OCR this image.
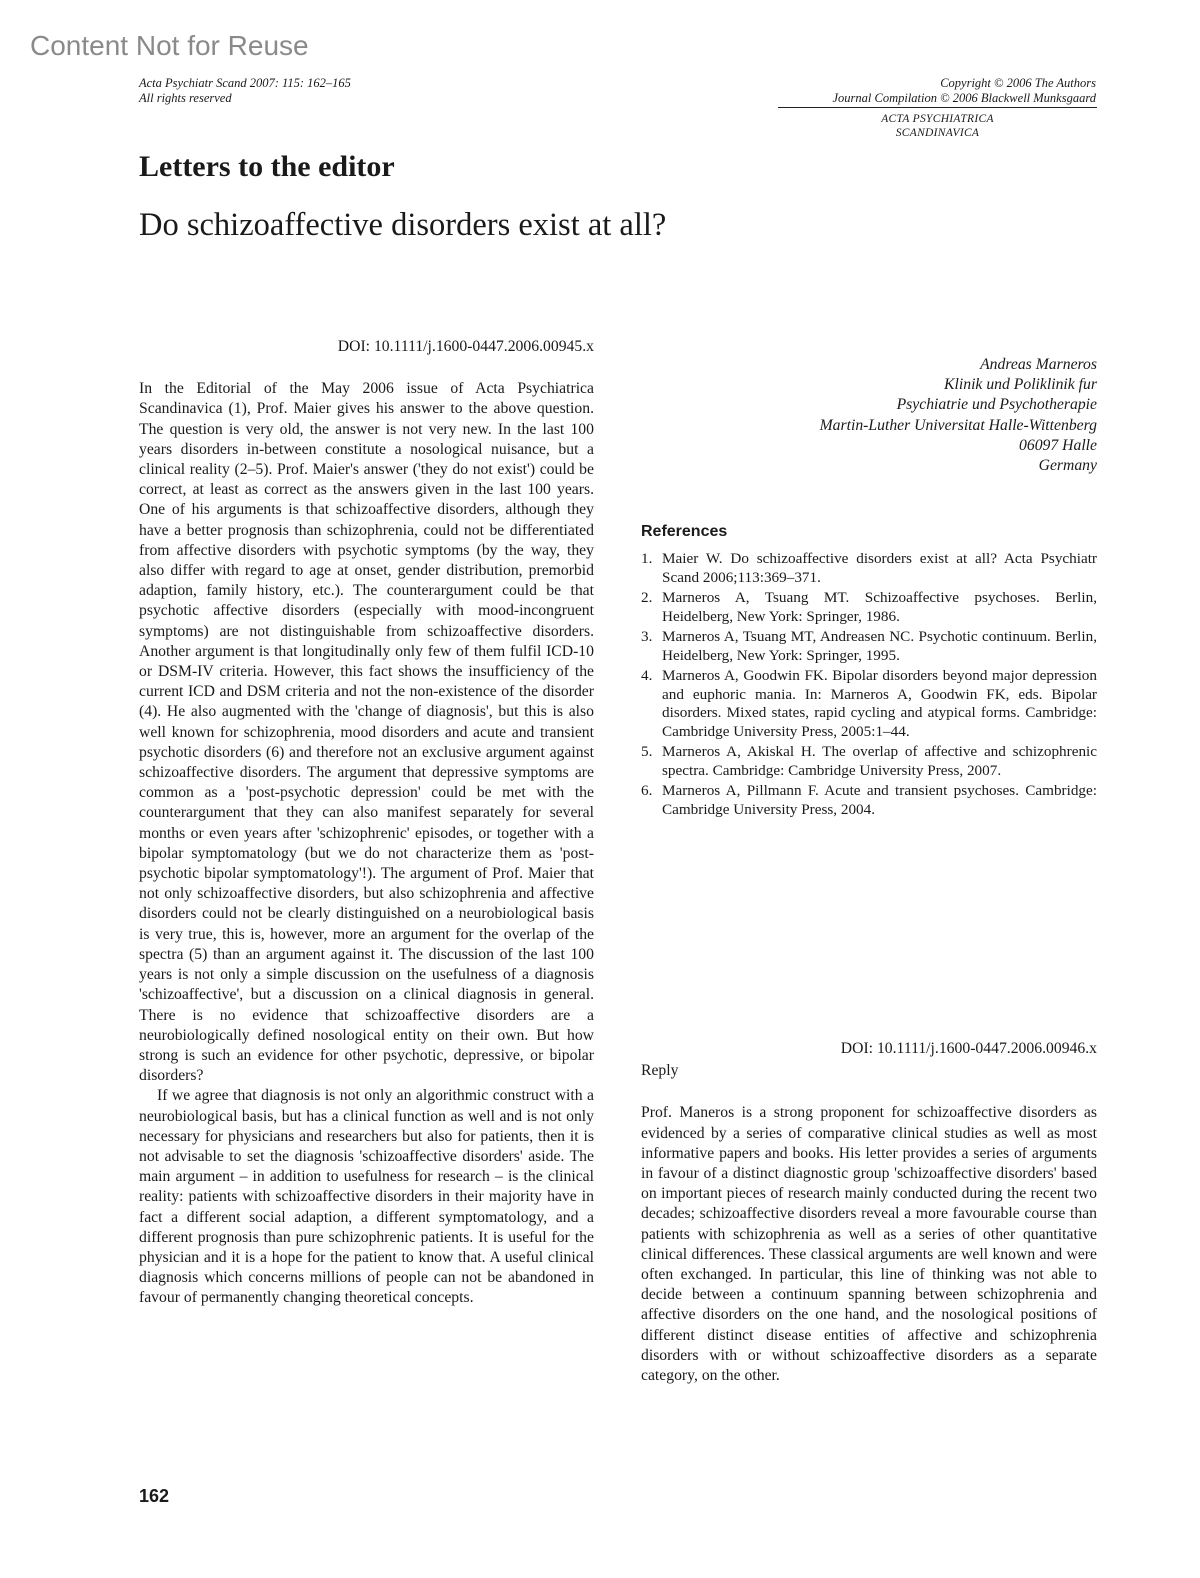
Content Not for Reuse
Acta Psychiatr Scand 2007: 115: 162–165
All rights reserved
Copyright © 2006 The Authors
Journal Compilation © 2006 Blackwell Munksgaard
ACTA PSYCHIATRICA
SCANDINAVICA
Letters to the editor
Do schizoaffective disorders exist at all?
DOI: 10.1111/j.1600-0447.2006.00945.x

In the Editorial of the May 2006 issue of Acta Psychiatrica Scandinavica (1), Prof. Maier gives his answer to the above question. The question is very old, the answer is not very new. In the last 100 years disorders in-between constitute a nosological nuisance, but a clinical reality (2–5). Prof. Maier's answer ('they do not exist') could be correct, at least as correct as the answers given in the last 100 years. One of his arguments is that schizoaffective disorders, although they have a better prognosis than schizophrenia, could not be differentiated from affective disorders with psychotic symptoms (by the way, they also differ with regard to age at onset, gender distribution, premorbid adaption, family history, etc.). The counterargument could be that psychotic affective disorders (especially with mood-incongruent symptoms) are not distinguishable from schizoaffective disorders. Another argument is that longitudinally only few of them fulfil ICD-10 or DSM-IV criteria. However, this fact shows the insufficiency of the current ICD and DSM criteria and not the non-existence of the disorder (4). He also augmented with the 'change of diagnosis', but this is also well known for schizophrenia, mood disorders and acute and transient psychotic disorders (6) and therefore not an exclusive argument against schizoaffective disorders. The argument that depressive symptoms are common as a 'post-psychotic depression' could be met with the counterargument that they can also manifest separately for several months or even years after 'schizophrenic' episodes, or together with a bipolar symptomatology (but we do not characterize them as 'post-psychotic bipolar symptomatology'!). The argument of Prof. Maier that not only schizoaffective disorders, but also schizophrenia and affective disorders could not be clearly distinguished on a neurobiological basis is very true, this is, however, more an argument for the overlap of the spectra (5) than an argument against it. The discussion of the last 100 years is not only a simple discussion on the usefulness of a diagnosis 'schizoaffective', but a discussion on a clinical diagnosis in general. There is no evidence that schizoaffective disorders are a neurobiologically defined nosological entity on their own. But how strong is such an evidence for other psychotic, depressive, or bipolar disorders?

If we agree that diagnosis is not only an algorithmic construct with a neurobiological basis, but has a clinical function as well and is not only necessary for physicians and researchers but also for patients, then it is not advisable to set the diagnosis 'schizoaffective disorders' aside. The main argument – in addition to usefulness for research – is the clinical reality: patients with schizoaffective disorders in their majority have in fact a different social adaption, a different symptomatology, and a different prognosis than pure schizophrenic patients. It is useful for the physician and it is a hope for the patient to know that. A useful clinical diagnosis which concerns millions of people can not be abandoned in favour of permanently changing theoretical concepts.

Andreas Marneros
Klinik und Poliklinik fur
Psychiatrie und Psychotherapie
Martin-Luther Universitat Halle-Wittenberg
06097 Halle
Germany
References
1. Maier W. Do schizoaffective disorders exist at all? Acta Psychiatr Scand 2006;113:369–371.
2. Marneros A, Tsuang MT. Schizoaffective psychoses. Berlin, Heidelberg, New York: Springer, 1986.
3. Marneros A, Tsuang MT, Andreasen NC. Psychotic continuum. Berlin, Heidelberg, New York: Springer, 1995.
4. Marneros A, Goodwin FK. Bipolar disorders beyond major depression and euphoric mania. In: Marneros A, Goodwin FK, eds. Bipolar disorders. Mixed states, rapid cycling and atypical forms. Cambridge: Cambridge University Press, 2005:1–44.
5. Marneros A, Akiskal H. The overlap of affective and schizophrenic spectra. Cambridge: Cambridge University Press, 2007.
6. Marneros A, Pillmann F. Acute and transient psychoses. Cambridge: Cambridge University Press, 2004.
DOI: 10.1111/j.1600-0447.2006.00946.x
Reply

Prof. Maneros is a strong proponent for schizoaffective disorders as evidenced by a series of comparative clinical studies as well as most informative papers and books. His letter provides a series of arguments in favour of a distinct diagnostic group 'schizoaffective disorders' based on important pieces of research mainly conducted during the recent two decades; schizoaffective disorders reveal a more favourable course than patients with schizophrenia as well as a series of other quantitative clinical differences. These classical arguments are well known and were often exchanged. In particular, this line of thinking was not able to decide between a continuum spanning between schizophrenia and affective disorders on the one hand, and the nosological positions of different distinct disease entities of affective and schizophrenia disorders with or without schizoaffective disorders as a separate category, on the other.

162
